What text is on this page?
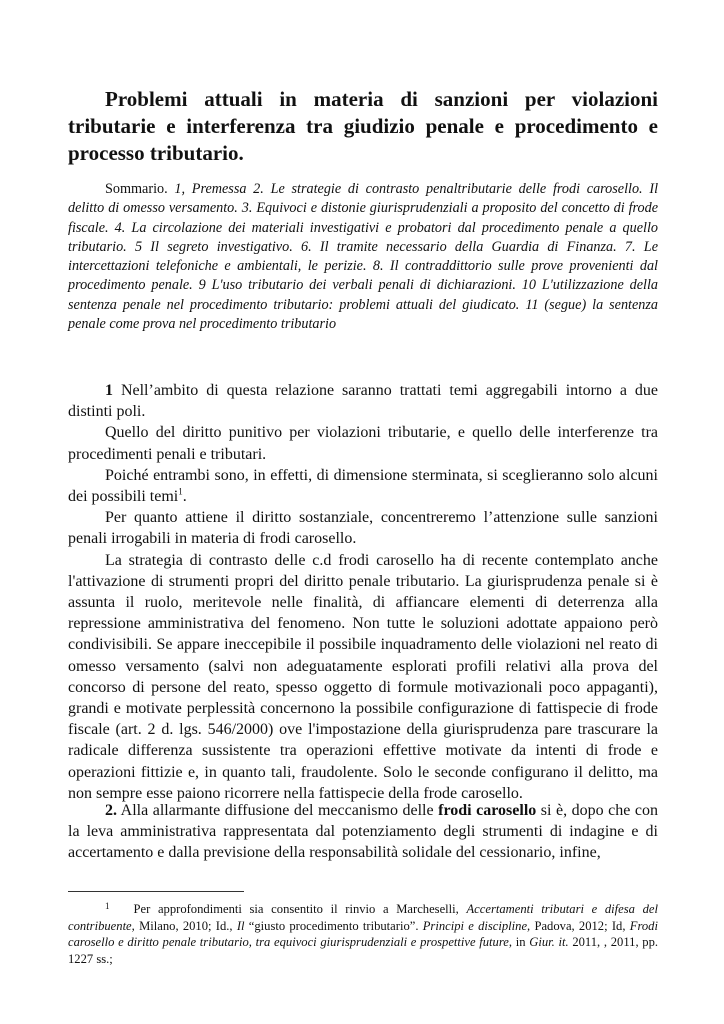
Problemi attuali in materia di sanzioni per violazioni tributarie e interferenza tra giudizio penale e procedimento e processo tributario.
Sommario. 1, Premessa 2. Le strategie di contrasto penaltributarie delle frodi carosello. Il delitto di omesso versamento. 3. Equivoci e distonie giurisprudenziali a proposito del concetto di frode fiscale. 4. La circolazione dei materiali investigativi e probatori dal procedimento penale a quello tributario. 5 Il segreto investigativo. 6. Il tramite necessario della Guardia di Finanza. 7. Le intercettazioni telefoniche e ambientali, le perizie. 8. Il contraddittorio sulle prove provenienti dal procedimento penale. 9 L'uso tributario dei verbali penali di dichiarazioni. 10 L'utilizzazione della sentenza penale nel procedimento tributario: problemi attuali del giudicato. 11 (segue) la sentenza penale come prova nel procedimento tributario

1 Nell’ambito di questa relazione saranno trattati temi aggregabili intorno a due distinti poli.

Quello del diritto punitivo per violazioni tributarie, e quello delle interferenze tra procedimenti penali e tributari.

Poiché entrambi sono, in effetti, di dimensione sterminata, si sceglieranno solo alcuni dei possibili temi$^1$.

Per quanto attiene il diritto sostanziale, concentreremo l’attenzione sulle sanzioni penali irrogabili in materia di frodi carosello.

La strategia di contrasto delle c.d frodi carosello ha di recente contemplato anche l'attivazione di strumenti propri del diritto penale tributario. La giurisprudenza penale si è assunta il ruolo, meritevole nelle finalità, di affiancare elementi di deterrenza alla repressione amministrativa del fenomeno. Non tutte le soluzioni adottate appaiono però condivisibili. Se appare ineccepibile il possibile inquadramento delle violazioni nel reato di omesso versamento (salvi non adeguatamente esplorati profili relativi alla prova del concorso di persone del reato, spesso oggetto di formule motivazionali poco appaganti), grandi e motivate perplessità concernono la possibile configurazione di fattispecie di frode fiscale (art. 2 d. lgs. 546/2000) ove l'impostazione della giurisprudenza pare trascurare la radicale differenza sussistente tra operazioni effettive motivate da intenti di frode e operazioni fittizie e, in quanto tali, fraudolente. Solo le seconde configurano il delitto, ma non sempre esse paiono ricorrere nella fattispecie della frode carosello.

2. Alla allarmante diffusione del meccanismo delle frodi carosello si è, dopo che con la leva amministrativa rappresentata dal potenziamento degli strumenti di indagine e di accertamento e dalla previsione della responsabilità solidale del cessionario, infine,

$^1$ Per approfondimenti sia consentito il rinvio a Marcheselli, Accertamenti tributari e difesa del contribuente, Milano, 2010; Id., Il “giusto procedimento tributario”. Principi e discipline, Padova, 2012; Id, Frodi carosello e diritto penale tributario, tra equivoci giurisprudenziali e prospettive future, in Giur. it. 2011, , 2011, pp. 1227 ss.;
